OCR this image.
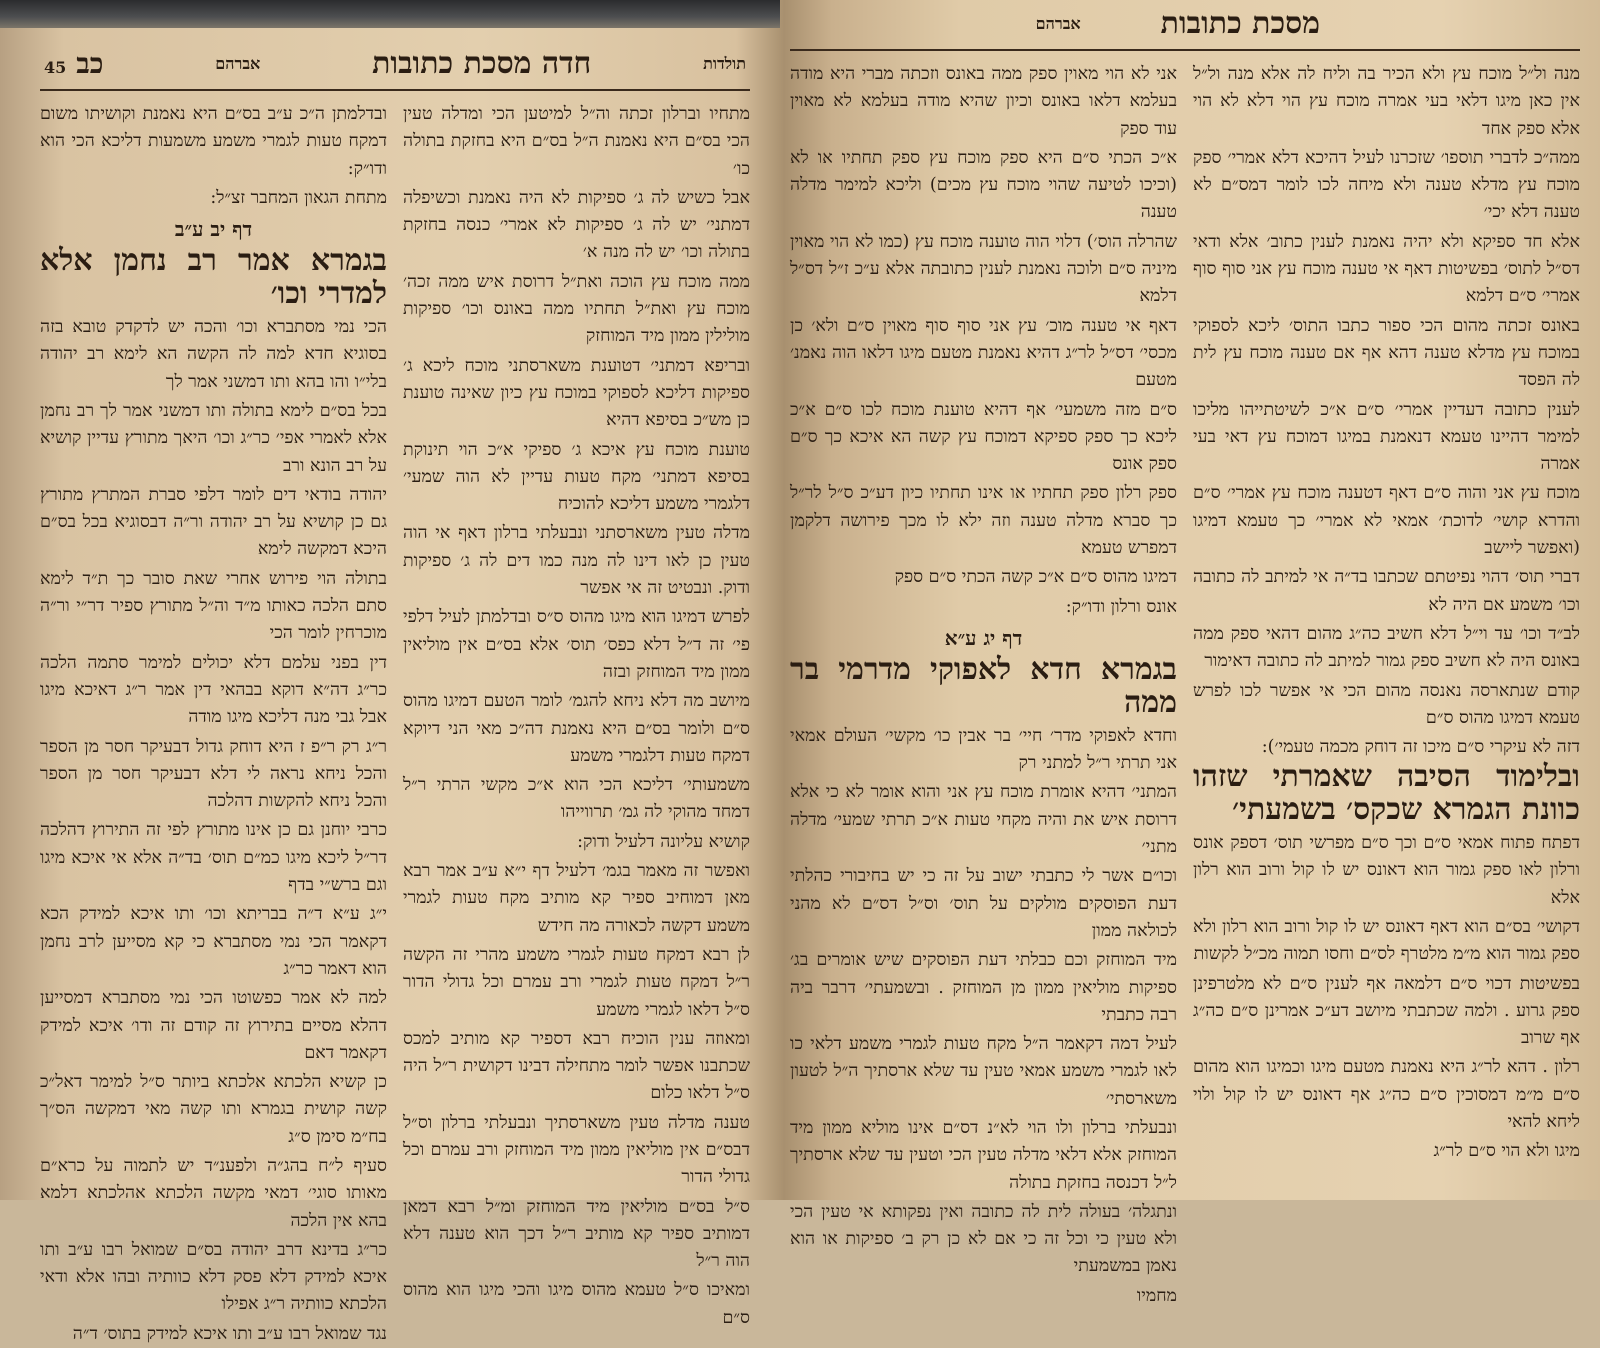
תולדות
חדה מסכת כתובות
אברהם
כב
45

מתחיו וברלון זכתה וה״ל למיטען הכי ומדלה טעין הכי בס״ם היא נאמנת ה״ל בס״ם היא בחזקת בתולה כו׳

אבל כשיש לה ג׳ ספיקות לא היה נאמנת וכשיפלה דמתני׳ יש לה ג׳ ספיקות לא אמרי׳ כנסה בחזקת בתולה וכו׳ יש לה מנה א׳

ממה מוכח עץ הוכה ואת״ל דרוסת איש ממה זכה׳ מוכח עץ ואת״ל תחתיו ממה באונס וכו׳ ספיקות מולילין ממון מיד המוחזק

ובריפא דמתני׳ דטוענת משארסתני מוכח ליכא ג׳ ספיקות דליכא לספוקי במוכח עץ כיון שאינה טוענת כן מש״כ בסיפא דהיא

טוענת מוכח עץ איכא ג׳ ספיקי א״כ הוי תינוקת בסיפא דמתני׳ מקח טעות עדיין לא הוה שמעי׳ דלגמרי משמע דליכא להוכיח

מדלה טעין משארסתני ונבעלתי ברלון דאף אי הוה טעין כן לאו דינו לה מנה כמו דים לה ג׳ ספיקות ודוק. ונבטיט זה אי אפשר

לפרש דמיגו הוא מיגו מהוס ס״ס ובדלמתן לעיל דלפי פי׳ זה ד״ל דלא כפס׳ תוס׳ אלא בס״ם אין מוליאין ממון מיד המוחזק ובזה

מיושב מה דלא ניחא להגמ׳ לומר הטעם דמיגו מהוס ס״ם ולומר בס״ם היא נאמנת דה״כ מאי הני דיוקא דמקח טעות דלגמרי משמע

משמעותי׳ דליכא הכי הוא א״כ מקשי הרתי ר״ל דמחד מהוקי לה גמ׳ תרווייהו

קושיא עליונה דלעיל ודוק:

ואפשר זה מאמר בגמ׳ דלעיל דף י״א ע״ב אמר רבא מאן דמוחיב ספיר קא מותיב מקח טעות לגמרי משמע דקשה לכאורה מה חידש

לן רבא דמקח טעות לגמרי משמע מהרי זה הקשה ר״ל דמקח טעות לגמרי ורב עמרם וכל גדולי הדור ס״ל דלאו לגמרי משמע

ומאוזה ענין הוכיח רבא דספיר קא מותיב למכס שכתבנו אפשר לומר מתחילה דבינו דקושית ר״ל היה ס״ל דלאו כלום

טענה מדלה טעין משארסתיך ונבעלתי ברלון וס״ל דבס״ם אין מוליאין ממון מיד המוחזק ורב עמרם וכל גדולי הדור

ס״ל בס״ם מוליאין מיד המוחזק ומ״ל רבא דמאן דמותיב ספיר קא מותיב ר״ל דכך הוא טענה דלא הוה ר״ל

ומאיכו ס״ל טעמא מהוס מיגו והכי מיגו הוא מהוס ס״ם

ובדלמתן ה״כ ע״ב בס״ם היא נאמנת וקושיתו משום דמקח טעות לגמרי משמע משמעות דליכא הכי הוא ודו״ק:

מתחת הגאון המחבר זצ״ל:

דף יב ע״ב

בגמרא אמר רב נחמן אלא למדרי וכו׳

הכי נמי מסתברא וכו׳ והכה יש לדקדק טובא בזה בסוגיא חדא למה לה הקשה הא לימא רב יהודה בלי״ו והו בהא ותו דמשני אמר לך

בכל בס״ם לימא בתולה ותו דמשני אמר לך רב נחמן אלא לאמרי אפי׳ כר״ג וכו׳ היאך מתורץ עדיין קושיא על רב הונא ורב

יהודה בודאי דים לומר דלפי סברת המתרץ מתורץ גם כן קושיא על רב יהודה ור״ה דבסוגיא בכל בס״ם היכא דמקשה לימא

בתולה הוי פירוש אחרי שאת סובר כך ת״ד לימא סתם הלכה כאותו מ״ד וה״ל מתורץ ספיר דר״י ור״ה מוכרחין לומר הכי

דין בפני עלמם דלא יכולים למימר סתמה הלכה כר״ג דה״א דוקא בבהאי דין אמר ר״ג דאיכא מיגו אבל גבי מנה דליכא מיגו מודה

ר״ג רק ר״פ ז היא דוחק גדול דבעיקר חסר מן הספר והכל ניחא נראה לי דלא דבעיקר חסר מן הספר והכל ניחא להקשות דהלכה

כרבי יוחנן גם כן אינו מתורץ לפי זה התירוץ דהלכה דר״ל ליכא מיגו כמ״ם תוס׳ בד״ה אלא אי איכא מיגו וגם ברש״י בדף

י״ג ע״א ד״ה בבריתא וכו׳ ותו איכא למידק הכא דקאמר הכי נמי מסתברא כי קא מסייען לרב נחמן הוא דאמר כר״ג

למה לא אמר כפשוטו הכי נמי מסתברא דמסייען דהלא מסיים בתירוץ זה קודם זה ודו׳ איכא למידק דקאמר דאם

כן קשיא הלכתא אלכתא ביותר ס״ל למימר דאל״כ קשה קושית בגמרא ותו קשה מאי דמקשה הס״ך בח״מ סימן ס״ג

סעיף ל״ח בהג״ה ולפענ״ד יש לתמוה על כרא״ם מאותו סוגי׳ דמאי מקשה הלכתא אהלכתא דלמא בהא אין הלכה

כר״ג בדינא דרב יהודה בס״ם שמואל רבו ע״ב ותו איכא למידק דלא פסק דלא כוותיה ובהו אלא ודאי הלכתא כוותיה ר״ג אפילו

נגד שמואל רבו ע״ב ותו איכא למידק בתוס׳ ד״ה

מסכת כתובות
אברהם

מנה ול״ל מוכח עץ ולא הכיר בה וליח לה אלא מנה ול״ל אין כאן מיגו דלאי בעי אמרה מוכח עץ הוי דלא לא הוי אלא ספק אחד

ממה״כ לדברי תוספו׳ שזכרנו לעיל דהיכא דלא אמרי׳ ספק מוכח עץ מדלא טענה ולא מיחה לכו לומר דמס״ם לא טענה דלא יכי׳

אלא חד ספיקא ולא יהיה נאמנת לענין כתוב׳ אלא ודאי דס״ל לתוס׳ בפשיטות דאף אי טענה מוכח עץ אני סוף סוף אמרי׳ ס״ם דלמא

באונס זכתה מהום הכי ספור כתבו התוס׳ ליכא לספוקי במוכח עץ מדלא טענה דהא אף אם טענה מוכח עץ לית לה הפסד

לענין כתובה דעדיין אמרי׳ ס״ם א״כ לשיטתייהו מליכו למימר דהיינו טעמא דנאמנת במיגו דמוכח עץ דאי בעי אמרה

מוכח עץ אני והוה ס״ם דאף דטענה מוכח עץ אמרי׳ ס״ם והדרא קושי׳ לדוכת׳ אמאי לא אמרי׳ כך טעמא דמיגו (ואפשר ליישב

דברי תוס׳ דהוי נפיטתם שכתבו בד״ה אי למיתב לה כתובה וכו׳ משמע אם היה לא

לב״ד וכו׳ עד וי״ל דלא חשיב כה״ג מהום דהאי ספק ממה באונס היה לא חשיב ספק גמור למיתב לה כתובה דאימור

קודם שנתארסה נאנסה מהום הכי אי אפשר לכו לפרש טעמא דמיגו מהוס ס״ם

דזה לא עיקרי ס״ם מיכו זה דוחק מכמה טעמי׳):

ובלימוד הסיבה שאמרתי שזהו כוונת הגמרא שכקס׳ בשמעתי׳

דפתח פתוח אמאי ס״ם וכך ס״ם מפרשי תוס׳ דספק אונס ורלון לאו ספק גמור הוא דאונס יש לו קול ורוב הוא רלון אלא

דקושי׳ בס״ם הוא דאף דאונס יש לו קול ורוב הוא רלון ולא ספק גמור הוא מ״מ מלטרף לס״ם וחסו תמוה מכ״ל לקשות

בפשיטות דכוי ס״ם דלמאה אף לענין ס״ם לא מלטרפינן ספק גרוע . ולמה שכתבתי מיושב דע״כ אמרינן ס״ם כה״ג אף שרוב

רלון . דהא לר״ג היא נאמנת מטעם מיגו וכמיגו הוא מהום ס״ם מ״מ דמסוכין ס״ם כה״ג אף דאונס יש לו קול ולוי ליחא להאי

מיגו ולא הוי ס״ם לר״ג

אני לא הוי מאוין ספק ממה באונס וזכתה מברי היא מודה בעלמא דלאו באונס וכיון שהיא מודה בעלמא לא מאוין עוד ספק

א״כ הכתי ס״ם היא ספק מוכח עץ ספק תחתיו או לא (וכיכו לטיעה שהוי מוכח עץ מכים) וליכא למימר מדלה טענה

שהרלה הוס׳) דלוי הוה טוענה מוכח עץ (כמו לא הוי מאוין מיניה ס״ם ולוכה נאמנת לענין כתובתה אלא ע״כ ז״ל דס״ל דלמא

דאף אי טענה מוכ׳ עץ אני סוף סוף מאוין ס״ם ולא׳ כן מכסי׳ דס״ל לר״ג דהיא נאמנת מטעם מיגו דלאו הוה נאמנ׳ מטעם

ס״ם מזה משמעי׳ אף דהיא טוענת מוכח לכו ס״ם א״כ ליכא כך ספק ספיקא דמוכח עץ קשה הא איכא כך ס״ם ספק אונס

ספק רלון ספק תחתיו או אינו תחתיו כיון דע״כ ס״ל לר״ל כך סברא מדלה טענה וזה ילא לו מכך פירושה דלקמן דמפרש טעמא

דמיגו מהוס ס״ם א״כ קשה הכתי ס״ם ספק

אונס ורלון ודו״ק:

דף יג ע״א

בגמרא חדא לאפוקי מדרמי בר ממה

וחדא לאפוקי מדר׳ חיי׳ בר אבין כו׳ מקשי׳ העולם אמאי אני תרתי ר״ל למתני רק

המתני׳ דהיא אומרת מוכח עץ אני והוא אומר לא כי אלא דרוסת איש את והיה מקחי טעות א״כ תרתי שמעי׳ מדלה מתני׳

וכו״ם אשר לי כתבתי ישוב על זה כי יש בחיבורי כהלתי דעת הפוסקים מולקים על תוס׳ וס״ל דס״ם לא מהני לכולאה ממון

מיד המוחזק וכם כבלתי דעת הפוסקים שיש אומרים בג׳ ספיקות מוליאין ממון מן המוחזק . ובשמעתי׳ דרבר ביה רבה כתבתי

לעיל דמה דקאמר ה״ל מקח טעות לגמרי משמע דלאי כו לאו לגמרי משמע אמאי טעין עד שלא ארסתיך ה״ל לטעון משארסתי׳

ונבעלתי ברלון ולו הוי לא״נ דס״ם אינו מוליא ממון מיד המוחזק אלא דלאי מדלה טעין הכי וטעין עד שלא ארסתיך ל״ל דכנסה בחזקת בתולה

ונתגלה׳ בעולה לית לה כתובה ואין נפקותא אי טעין הכי ולא טעין כי וכל זה כי אם לא כן רק ב׳ ספיקות או הוא נאמן במשמעתי

מחמיו
